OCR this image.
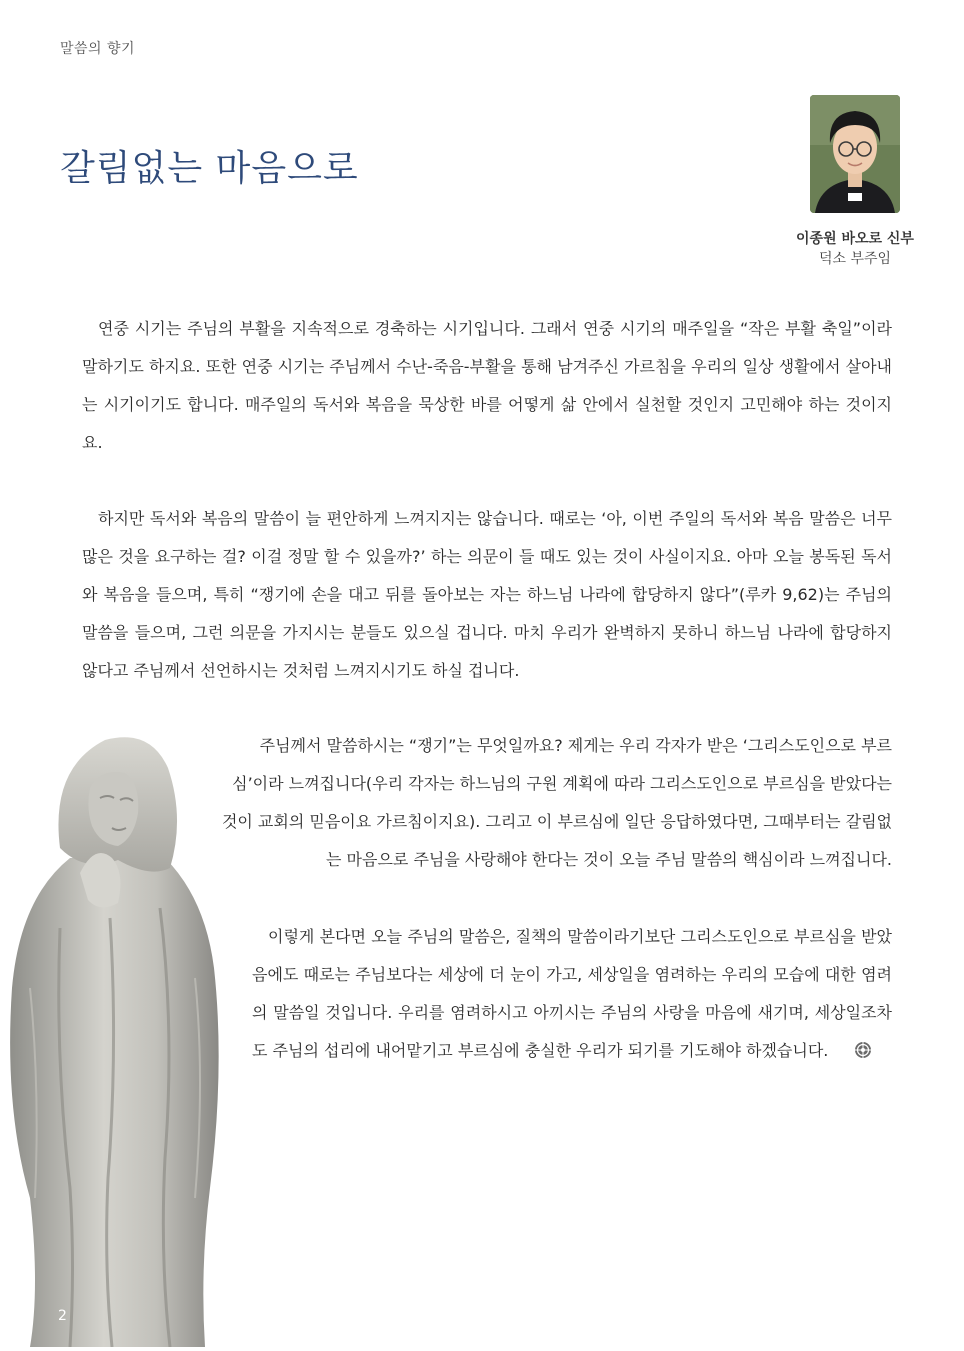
말씀의 향기
갈림없는 마음으로
이종원 바오로 신부
덕소 부주임

연중 시기는 주님의 부활을 지속적으로 경축하는 시기입니다. 그래서 연중 시기의 매주일을 “작은 부활 축일”이라 말하기도 하지요. 또한 연중 시기는 주님께서 수난-죽음-부활을 통해 남겨주신 가르침을 우리의 일상 생활에서 살아내는 시기이기도 합니다. 매주일의 독서와 복음을 묵상한 바를 어떻게 삶 안에서 실천할 것인지 고민해야 하는 것이지요.

하지만 독서와 복음의 말씀이 늘 편안하게 느껴지지는 않습니다. 때로는 ‘아, 이번 주일의 독서와 복음 말씀은 너무 많은 것을 요구하는 걸? 이걸 정말 할 수 있을까?’ 하는 의문이 들 때도 있는 것이 사실이지요. 아마 오늘 봉독된 독서와 복음을 들으며, 특히 “쟁기에 손을 대고 뒤를 돌아보는 자는 하느님 나라에 합당하지 않다”(루카 9,62)는 주님의 말씀을 들으며, 그런 의문을 가지시는 분들도 있으실 겁니다. 마치 우리가 완벽하지 못하니 하느님 나라에 합당하지 않다고 주님께서 선언하시는 것처럼 느껴지시기도 하실 겁니다.

주님께서 말씀하시는 “쟁기”는 무엇일까요? 제게는 우리 각자가 받은 ‘그리스도인으로 부르심’이라 느껴집니다(우리 각자는 하느님의 구원 계획에 따라 그리스도인으로 부르심을 받았다는 것이 교회의 믿음이요 가르침이지요). 그리고 이 부르심에 일단 응답하였다면, 그때부터는 갈림없는 마음으로 주님을 사랑해야 한다는 것이 오늘 주님 말씀의 핵심이라 느껴집니다.

이렇게 본다면 오늘 주님의 말씀은, 질책의 말씀이라기보단 그리스도인으로 부르심을 받았음에도 때로는 주님보다는 세상에 더 눈이 가고, 세상일을 염려하는 우리의 모습에 대한 염려의 말씀일 것입니다. 우리를 염려하시고 아끼시는 주님의 사랑을 마음에 새기며, 세상일조차도 주님의 섭리에 내어맡기고 부르심에 충실한 우리가 되기를 기도해야 하겠습니다.

2
